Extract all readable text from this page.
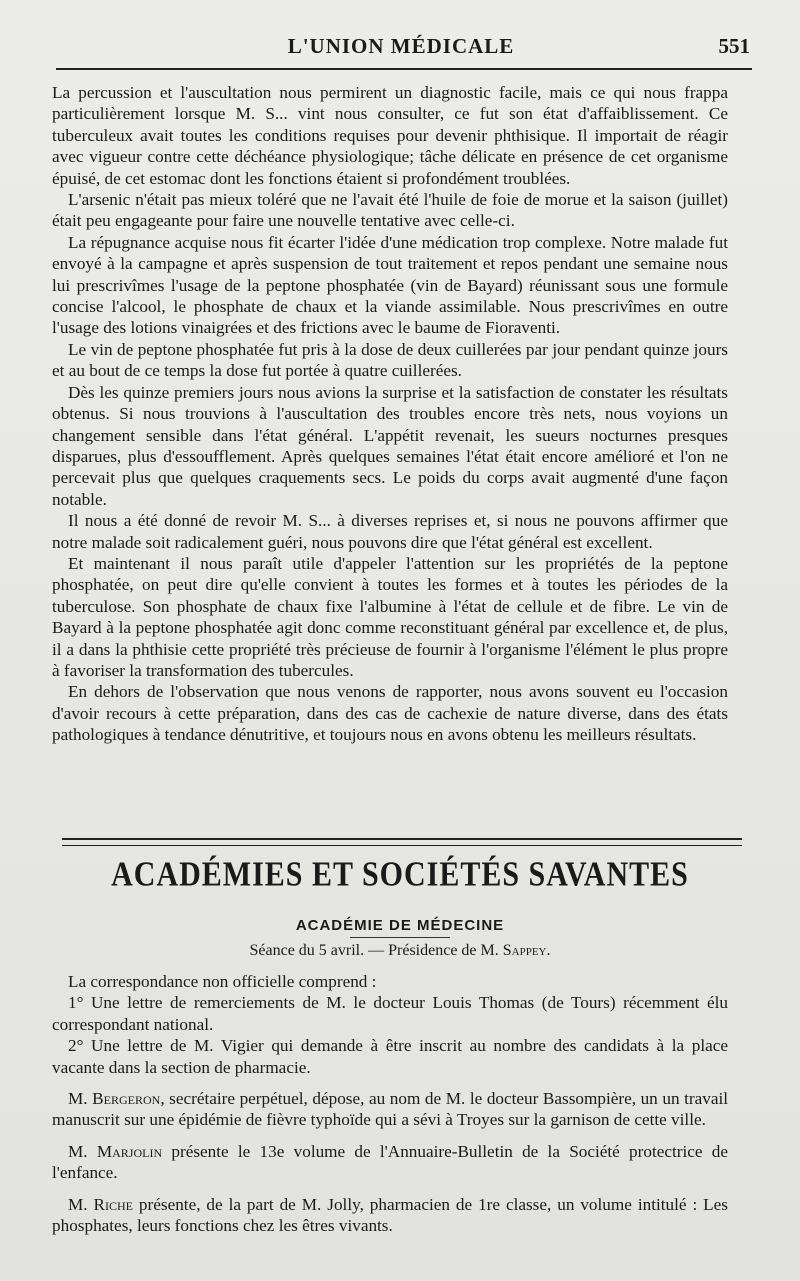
L'UNION MÉDICALE	551

La percussion et l'auscultation nous permirent un diagnostic facile, mais ce qui nous frappa particulièrement lorsque M. S... vint nous consulter, ce fut son état d'affaiblissement. Ce tuberculeux avait toutes les conditions requises pour devenir phthisique. Il importait de réagir avec vigueur contre cette déchéance physiologique; tâche délicate en présence de cet organisme épuisé, de cet estomac dont les fonctions étaient si profondément troublées.

L'arsenic n'était pas mieux toléré que ne l'avait été l'huile de foie de morue et la saison (juillet) était peu engageante pour faire une nouvelle tentative avec celle-ci.

La répugnance acquise nous fit écarter l'idée d'une médication trop complexe. Notre malade fut envoyé à la campagne et après suspension de tout traitement et repos pendant une semaine nous lui prescrivîmes l'usage de la peptone phosphatée (vin de Bayard) réunissant sous une formule concise l'alcool, le phosphate de chaux et la viande assimilable. Nous prescrivîmes en outre l'usage des lotions vinaigrées et des frictions avec le baume de Fioraventi.

Le vin de peptone phosphatée fut pris à la dose de deux cuillerées par jour pendant quinze jours et au bout de ce temps la dose fut portée à quatre cuillerées.

Dès les quinze premiers jours nous avions la surprise et la satisfaction de constater les résultats obtenus. Si nous trouvions à l'auscultation des troubles encore très nets, nous voyions un changement sensible dans l'état général. L'appétit revenait, les sueurs nocturnes presques disparues, plus d'essoufflement. Après quelques semaines l'état était encore amélioré et l'on ne percevait plus que quelques craquements secs. Le poids du corps avait augmenté d'une façon notable.

Il nous a été donné de revoir M. S... à diverses reprises et, si nous ne pouvons affirmer que notre malade soit radicalement guéri, nous pouvons dire que l'état général est excellent.

Et maintenant il nous paraît utile d'appeler l'attention sur les propriétés de la peptone phosphatée, on peut dire qu'elle convient à toutes les formes et à toutes les périodes de la tuberculose. Son phosphate de chaux fixe l'albumine à l'état de cellule et de fibre. Le vin de Bayard à la peptone phosphatée agit donc comme reconstituant général par excellence et, de plus, il a dans la phthisie cette propriété très précieuse de fournir à l'organisme l'élément le plus propre à favoriser la transformation des tubercules.

En dehors de l'observation que nous venons de rapporter, nous avons souvent eu l'occasion d'avoir recours à cette préparation, dans des cas de cachexie de nature diverse, dans des états pathologiques à tendance dénutritive, et toujours nous en avons obtenu les meilleurs résultats.

ACADÉMIES ET SOCIÉTÉS SAVANTES
ACADÉMIE DE MÉDECINE
Séance du 5 avril. — Présidence de M. Sappey.

La correspondance non officielle comprend :

1° Une lettre de remerciements de M. le docteur Louis Thomas (de Tours) récemment élu correspondant national.

2° Une lettre de M. Vigier qui demande à être inscrit au nombre des candidats à la place vacante dans la section de pharmacie.

M. Bergeron, secrétaire perpétuel, dépose, au nom de M. le docteur Bassompière, un un travail manuscrit sur une épidémie de fièvre typhoïde qui a sévi à Troyes sur la garnison de cette ville.

M. Marjolin présente le 13e volume de l'Annuaire-Bulletin de la Société protectrice de l'enfance.

M. Riche présente, de la part de M. Jolly, pharmacien de 1re classe, un volume intitulé : Les phosphates, leurs fonctions chez les êtres vivants.
